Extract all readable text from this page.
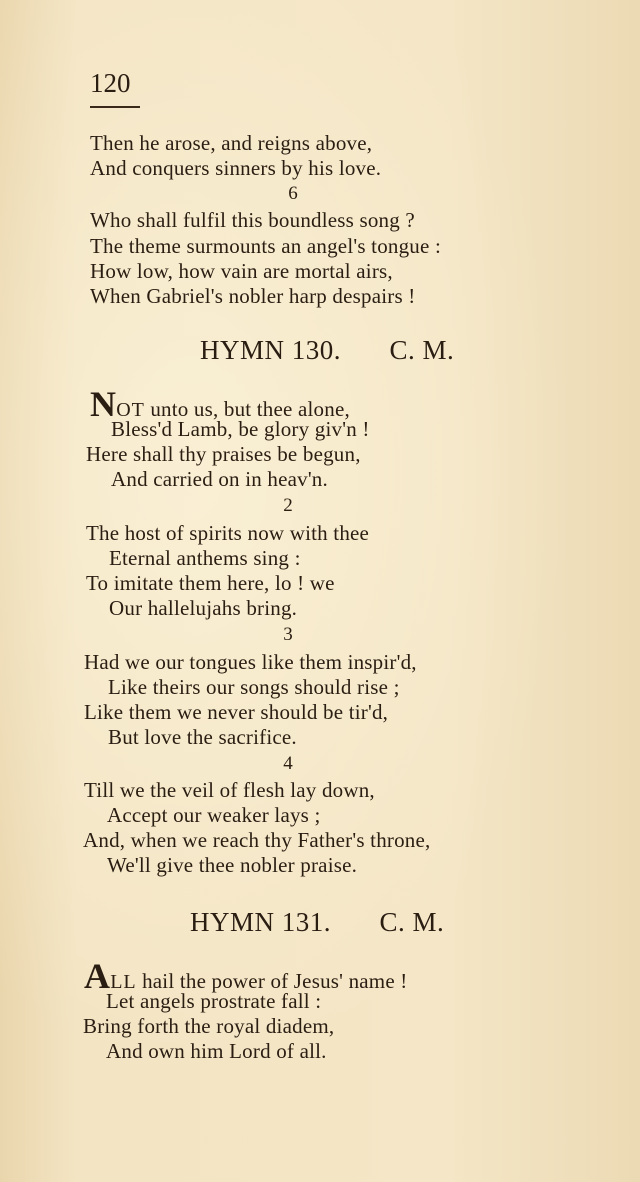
120
Then he arose, and reigns above,
And conquers sinners by his love.
6
Who shall fulfil this boundless song ?
The theme surmounts an angel's tongue :
How low, how vain are mortal airs,
When Gabriel's nobler harp despairs !
HYMN 130. C. M.
NOT unto us, but thee alone,
Bless'd Lamb, be glory giv'n !
Here shall thy praises be begun,
And carried on in heav'n.
2
The host of spirits now with thee
Eternal anthems sing :
To imitate them here, lo ! we
Our hallelujahs bring.
3
Had we our tongues like them inspir'd,
Like theirs our songs should rise ;
Like them we never should be tir'd,
But love the sacrifice.
4
Till we the veil of flesh lay down,
Accept our weaker lays ;
And, when we reach thy Father's throne,
We'll give thee nobler praise.
HYMN 131. C. M.
ALL hail the power of Jesus' name !
Let angels prostrate fall :
Bring forth the royal diadem,
And own him Lord of all.
